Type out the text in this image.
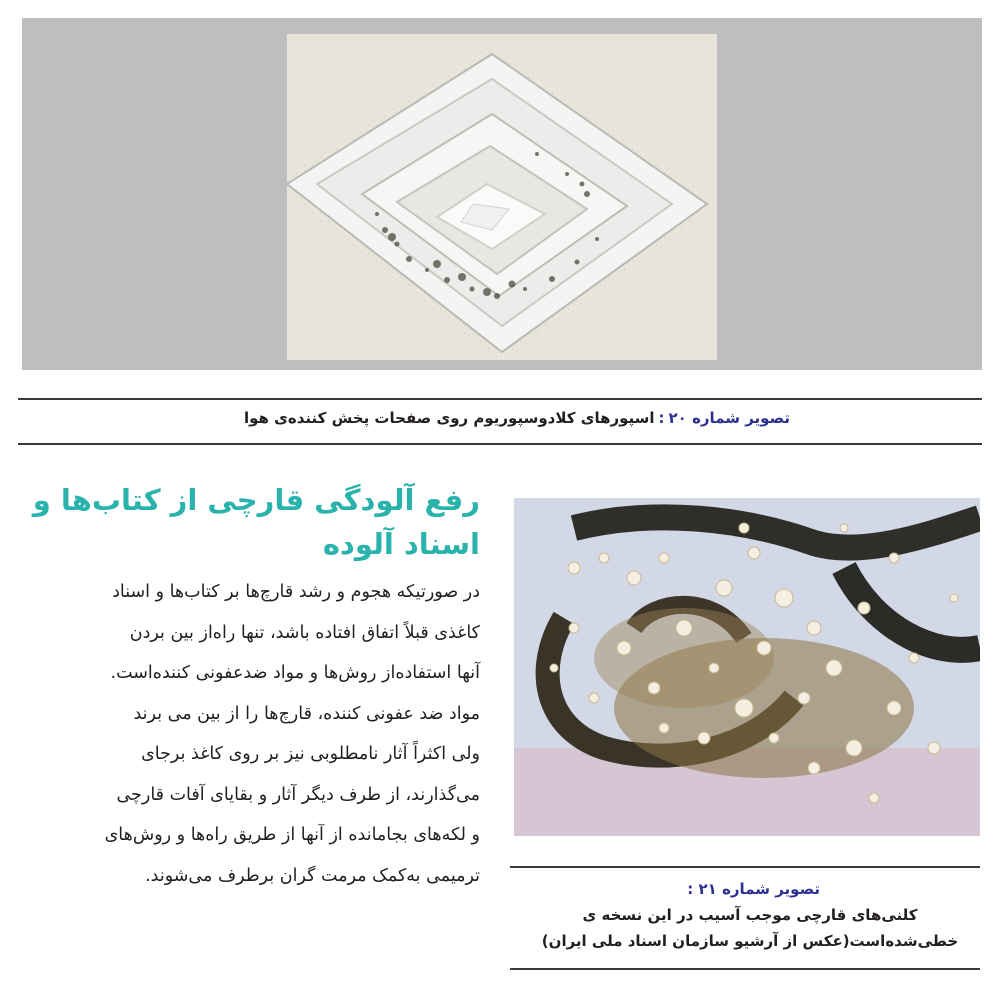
تصویر شماره ۲۰:اسپورهای کلادوسپوریوم روی صفحات پخش کننده‌ی هوا
رفع آلودگی قارچی از کتاب‌ها و اسناد آلوده
در صورتیکه هجوم و رشد قارچ‌ها بر کتاب‌ها و اسناد
کاغذی قبلاً اتفاق افتاده باشد، تنها راه‌از بین بردن
آنها استفاده‌از روش‌ها و مواد ضدعفونی کننده‌است.
مواد ضد عفونی کننده، قارچ‌ها را از بین می برند
ولی اکثراً آثار نامطلوبی نیز بر روی کاغذ برجای
می‌گذارند، از طرف دیگر آثار و بقایای آفات قارچی
و لکه‌های بجامانده از آنها از طریق راه‌ها و روش‌های
ترمیمی به‌کمک مرمت گران برطرف می‌شوند.
تصویر شماره ۲۱ :
کلنی‌های قارچی موجب آسیب در این نسخه ی
خطی‌شده‌است(عکس از آرشیو سازمان اسناد ملی ایران)
